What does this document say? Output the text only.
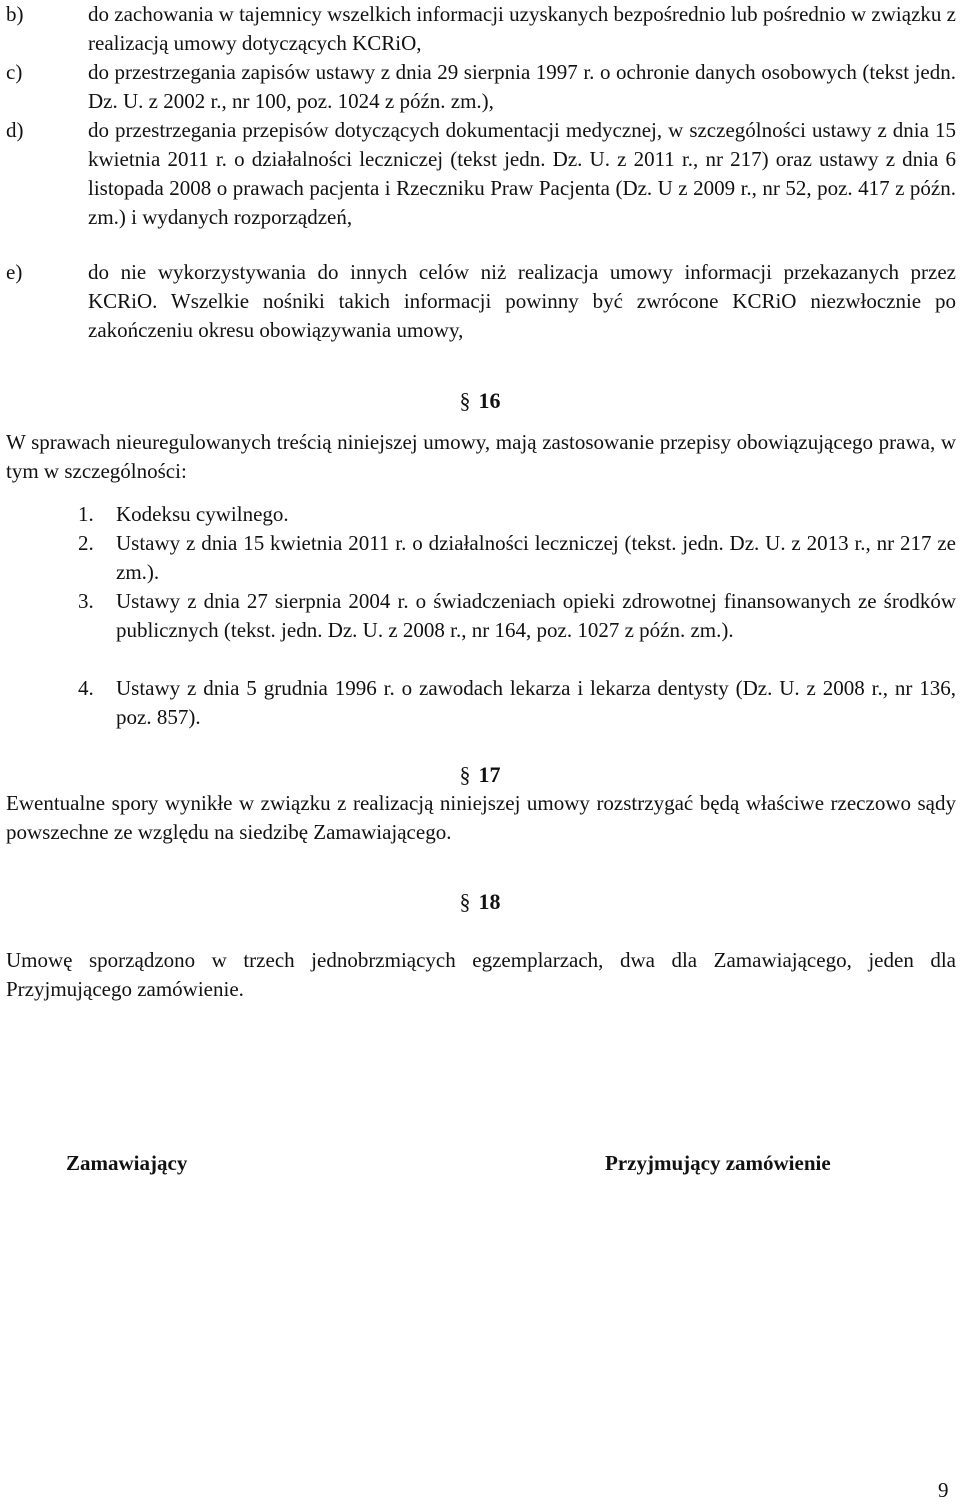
b)	do zachowania w tajemnicy wszelkich informacji uzyskanych bezpośrednio lub pośrednio w związku z realizacją umowy dotyczących KCRiO,
c)	do przestrzegania zapisów ustawy z dnia 29 sierpnia 1997 r. o ochronie danych osobowych (tekst jedn. Dz. U. z 2002 r., nr 100, poz. 1024 z późn. zm.),
d)	do przestrzegania przepisów dotyczących dokumentacji medycznej, w szczególności ustawy z dnia 15 kwietnia 2011 r. o działalności leczniczej (tekst jedn. Dz. U. z 2011 r., nr 217) oraz ustawy z dnia 6 listopada 2008 o prawach pacjenta i Rzeczniku Praw Pacjenta (Dz. U z 2009 r., nr 52, poz. 417 z późn. zm.) i wydanych rozporządzeń,
e)	do nie wykorzystywania do innych celów niż realizacja umowy informacji przekazanych przez KCRiO. Wszelkie nośniki takich informacji powinny być zwrócone KCRiO niezwłocznie po zakończeniu okresu obowiązywania umowy,
§ 16
W sprawach nieuregulowanych treścią niniejszej umowy, mają zastosowanie przepisy obowiązującego prawa, w tym w szczególności:
1. Kodeksu cywilnego.
2. Ustawy z dnia 15 kwietnia 2011 r. o działalności leczniczej (tekst. jedn. Dz. U. z 2013 r., nr 217 ze zm.).
3. Ustawy z dnia 27 sierpnia 2004 r. o świadczeniach opieki zdrowotnej finansowanych ze środków publicznych (tekst. jedn. Dz. U. z 2008 r., nr 164, poz. 1027 z późn. zm.).
4. Ustawy z dnia 5 grudnia 1996 r. o zawodach lekarza i lekarza dentysty (Dz. U. z 2008 r., nr 136, poz. 857).
§ 17
Ewentualne spory wynikłe w związku z realizacją niniejszej umowy rozstrzygać będą właściwe rzeczowo sądy powszechne ze względu na siedzibę Zamawiającego.
§ 18
Umowę sporządzono w trzech jednobrzmiących egzemplarzach, dwa dla Zamawiającego, jeden dla Przyjmującego zamówienie.
Zamawiający	Przyjmujący zamówienie
9
